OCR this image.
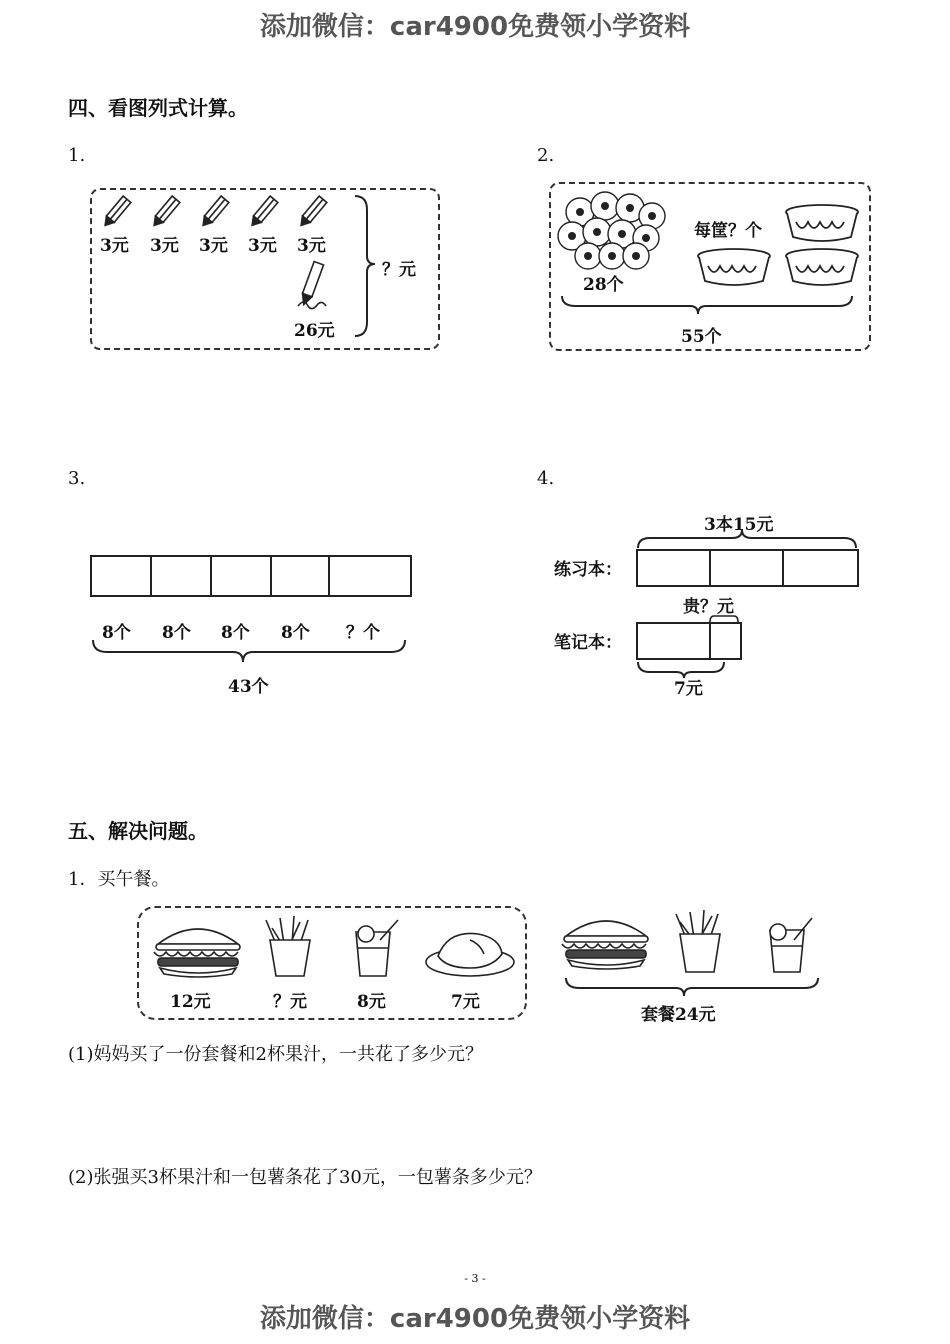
添加微信：car4900免费领小学资料
四、看图列式计算。
1.
3元 3元 3元 3元 3元
26元
？元
2.
28个
每筐？个
55个
3.
8个 8个 8个 8个 ？个
43个
4.
3本15元
练习本：
贵？元
笔记本：
7元
五、解决问题。
1．买午餐。
12元	？元	8元	7元
套餐24元
(1)妈妈买了一份套餐和2杯果汁，一共花了多少元？
(2)张强买3杯果汁和一包薯条花了30元，一包薯条多少元？
- 3 -
添加微信：car4900免费领小学资料
